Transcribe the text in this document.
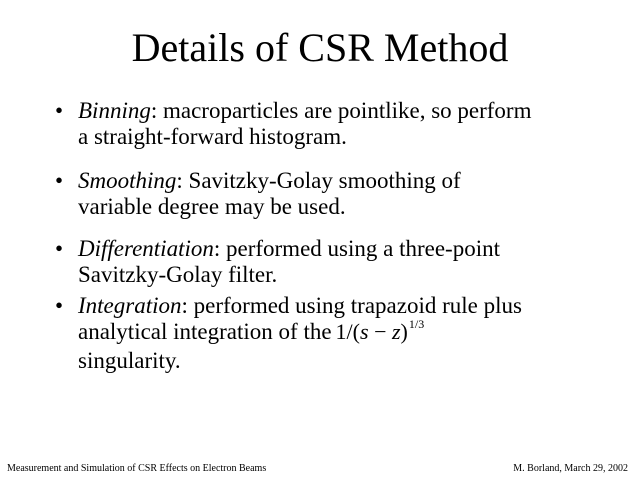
Details of CSR Method
• Binning: macroparticles are pointlike, so perform
a straight-forward histogram.
• Smoothing: Savitzky-Golay smoothing of
variable degree may be used.
• Differentiation: performed using a three-point
Savitzky-Golay filter.
• Integration: performed using trapazoid rule plus
analytical integration of the $1/(s - z)^{1/3}$
singularity.
Measurement and Simulation of CSR Effects on Electron Beams	M. Borland, March 29, 2002
